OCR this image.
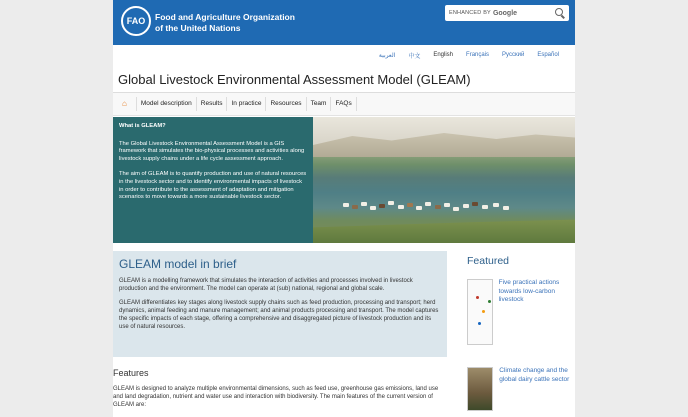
FAO	Food and Agriculture Organization
of the United Nations
ENHANCED BY Google
العربية 中文 English Français Русский Español
Global Livestock Environmental Assessment Model (GLEAM)
⌂	Model description	Results	In practice	Resources	Team	FAQs
What is GLEAM?

The Global Livestock Environmental Assessment Model is a GIS framework that simulates the bio-physical processes and activities along livestock supply chains under a life cycle assessment approach.

The aim of GLEAM is to quantify production and use of natural resources in the livestock sector and to identify environmental impacts of livestock in order to contribute to the assessment of adaptation and mitigation scenarios to move towards a more sustainable livestock sector.

GLEAM model in brief

GLEAM is a modelling framework that simulates the interaction of activities and processes involved in livestock production and the environment. The model can operate at (sub) national, regional and global scale.

GLEAM differentiates key stages along livestock supply chains such as feed production, processing and transport; herd dynamics, animal feeding and manure management; and animal products processing and transport. The model captures the specific impacts of each stage, offering a comprehensive and disaggregated picture of livestock production and its use of natural resources.

Featured
Five practical actions towards low-carbon livestock
Climate change and the global dairy cattle sector
Features

GLEAM is designed to analyze multiple environmental dimensions, such as feed use, greenhouse gas emissions, land use and land degradation, nutrient and water use and interaction with biodiversity. The main features of the current version of GLEAM are:
